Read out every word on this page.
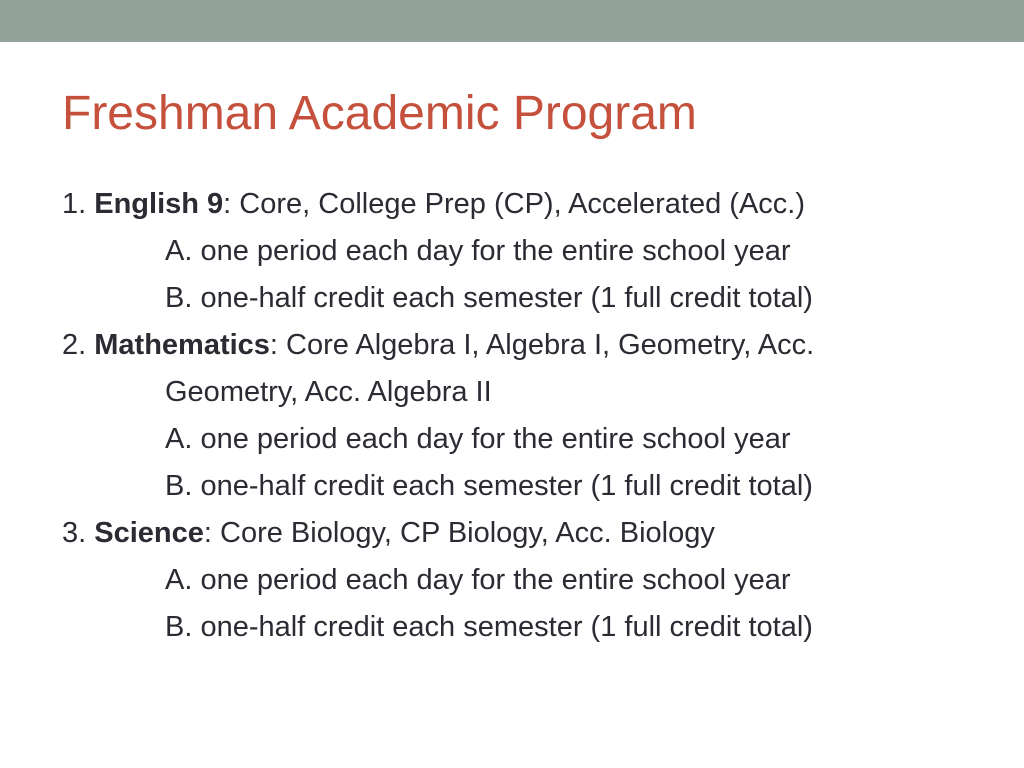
Freshman Academic Program

1. English 9: Core, College Prep (CP), Accelerated (Acc.)

A. one period each day for the entire school year

B. one-half credit each semester (1 full credit total)

2. Mathematics: Core Algebra I, Algebra I, Geometry, Acc.

Geometry, Acc. Algebra II

A. one period each day for the entire school year

B. one-half credit each semester (1 full credit total)

3. Science: Core Biology, CP Biology, Acc. Biology

A. one period each day for the entire school year

B. one-half credit each semester (1 full credit total)
